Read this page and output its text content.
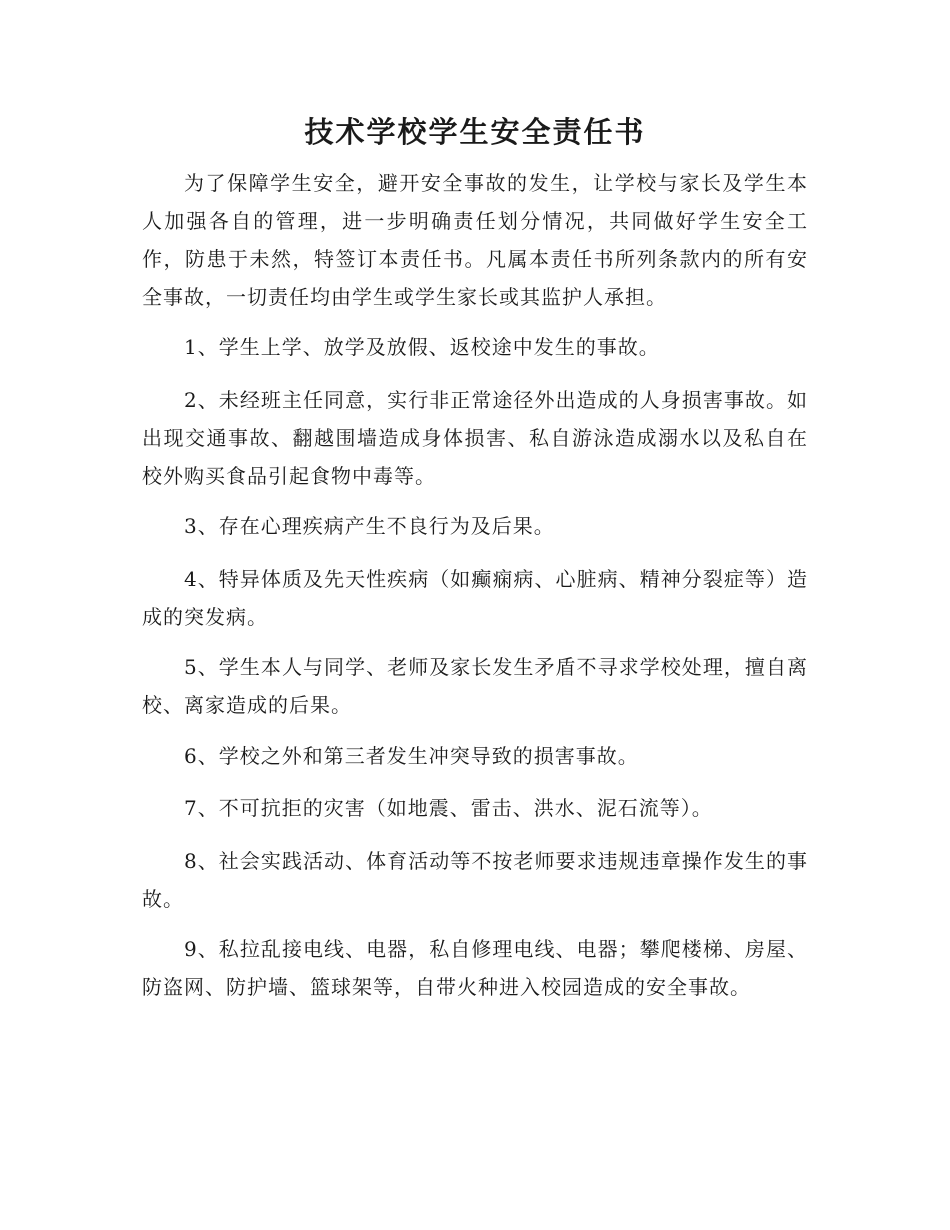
技术学校学生安全责任书

为了保障学生安全，避开安全事故的发生，让学校与家长及学生本人加强各自的管理，进一步明确责任划分情况，共同做好学生安全工作，防患于未然，特签订本责任书。凡属本责任书所列条款内的所有安全事故，一切责任均由学生或学生家长或其监护人承担。

1、学生上学、放学及放假、返校途中发生的事故。

2、未经班主任同意，实行非正常途径外出造成的人身损害事故。如出现交通事故、翻越围墙造成身体损害、私自游泳造成溺水以及私自在校外购买食品引起食物中毒等。

3、存在心理疾病产生不良行为及后果。

4、特异体质及先天性疾病（如癫痫病、心脏病、精神分裂症等）造成的突发病。

5、学生本人与同学、老师及家长发生矛盾不寻求学校处理，擅自离校、离家造成的后果。

6、学校之外和第三者发生冲突导致的损害事故。

7、不可抗拒的灾害（如地震、雷击、洪水、泥石流等）。

8、社会实践活动、体育活动等不按老师要求违规违章操作发生的事故。

9、私拉乱接电线、电器，私自修理电线、电器；攀爬楼梯、房屋、防盗网、防护墙、篮球架等，自带火种进入校园造成的安全事故。
